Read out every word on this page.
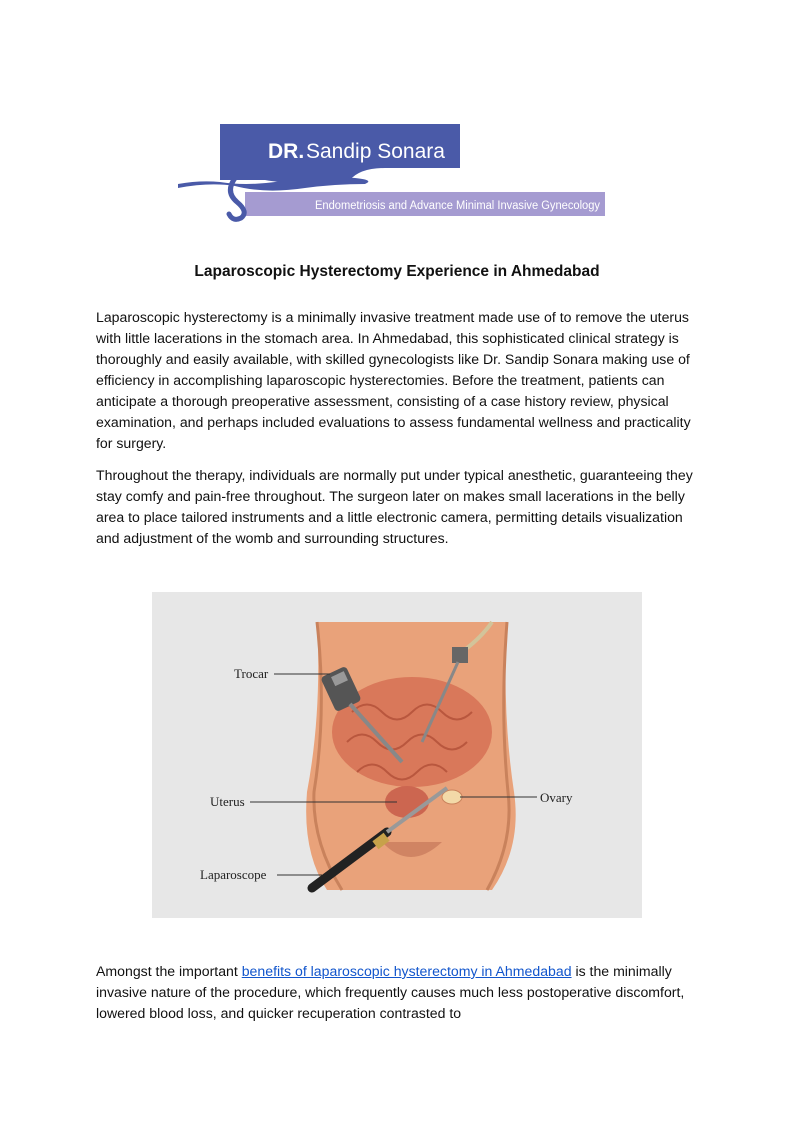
DR. Sandip Sonara
Endometriosis and Advance Minimal Invasive Gynecology
Laparoscopic Hysterectomy Experience in Ahmedabad

Laparoscopic hysterectomy is a minimally invasive treatment made use of to remove the uterus with little lacerations in the stomach area. In Ahmedabad, this sophisticated clinical strategy is thoroughly and easily available, with skilled gynecologists like Dr. Sandip Sonara making use of efficiency in accomplishing laparoscopic hysterectomies. Before the treatment, patients can anticipate a thorough preoperative assessment, consisting of a case history review, physical examination, and perhaps included evaluations to assess fundamental wellness and practicality for surgery.

Throughout the therapy, individuals are normally put under typical anesthetic, guaranteeing they stay comfy and pain-free throughout. The surgeon later on makes small lacerations in the belly area to place tailored instruments and a little electronic camera, permitting details visualization and adjustment of the womb and surrounding structures.

Trocar
Uterus	Ovary
Laparoscope

Amongst the important benefits of laparoscopic hysterectomy in Ahmedabad is the minimally invasive nature of the procedure, which frequently causes much less postoperative discomfort, lowered blood loss, and quicker recuperation contrasted to
